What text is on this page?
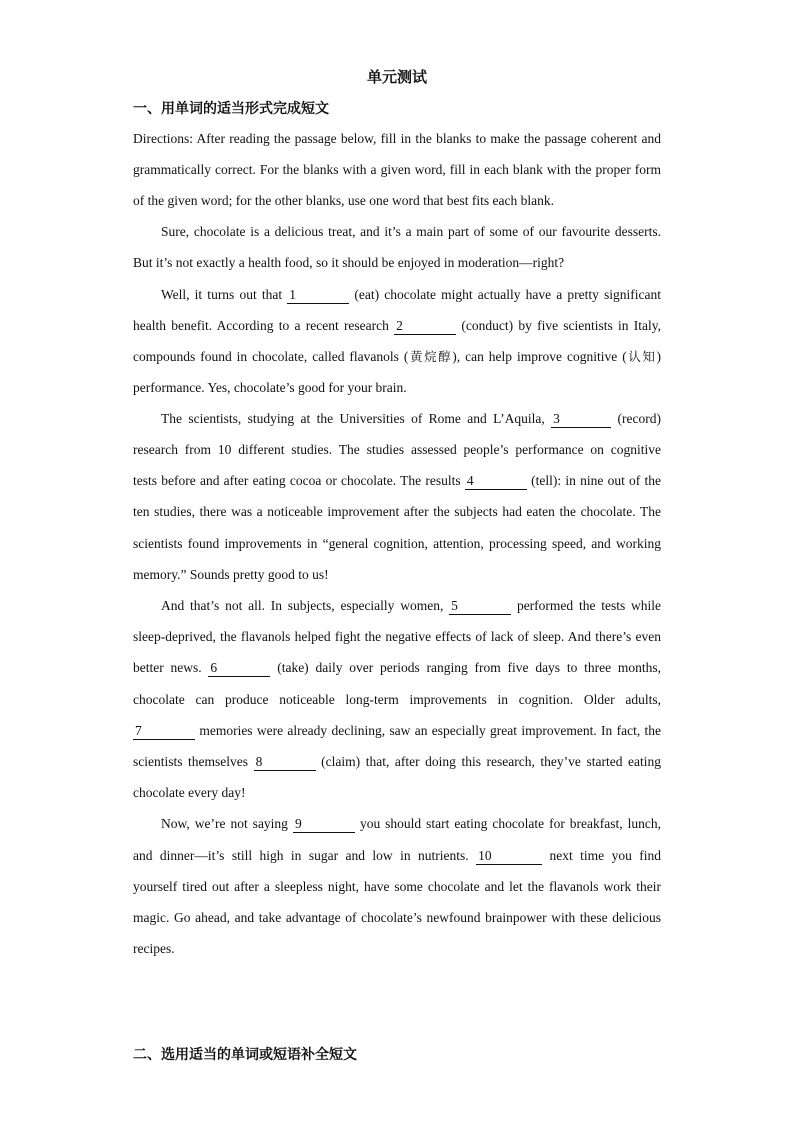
单元测试
一、用单词的适当形式完成短文
Directions: After reading the passage below, fill in the blanks to make the passage coherent and
grammatically correct. For the blanks with a given word, fill in each blank with the proper form
of the given word; for the other blanks, use one word that best fits each blank.
Sure, chocolate is a delicious treat, and it’s a main part of some of our favourite desserts.
But it’s not exactly a health food, so it should be enjoyed in moderation—right?
Well, it turns out that 1	(eat) chocolate might actually have a pretty significant
health benefit. According to a recent research 2	(conduct) by five scientists in Italy,
compounds found in chocolate, called flavanols (黄烷醇), can help improve cognitive (认知)
performance. Yes, chocolate’s good for your brain.
The scientists, studying at the Universities of Rome and L’Aquila, 3	(record)
research from 10 different studies. The studies assessed people’s performance on cognitive
tests before and after eating cocoa or chocolate. The results 4	(tell): in nine out of the
ten studies, there was a noticeable improvement after the subjects had eaten the chocolate. The
scientists found improvements in “general cognition, attention, processing speed, and working
memory.” Sounds pretty good to us!
And that’s not all. In subjects, especially women, 5	performed the tests while
sleep-deprived, the flavanols helped fight the negative effects of lack of sleep. And there’s even
better news. 6	(take) daily over periods ranging from five days to three months,
chocolate can produce noticeable long-term improvements in cognition. Older adults,
7	memories were already declining, saw an especially great improvement. In fact, the
scientists themselves 8	(claim) that, after doing this research, they’ve started eating
chocolate every day!
Now, we’re not saying 9	you should start eating chocolate for breakfast, lunch,
and dinner—it’s still high in sugar and low in nutrients. 10	next time you find
yourself tired out after a sleepless night, have some chocolate and let the flavanols work their
magic. Go ahead, and take advantage of chocolate’s newfound brainpower with these delicious
recipes.
二、选用适当的单词或短语补全短文
